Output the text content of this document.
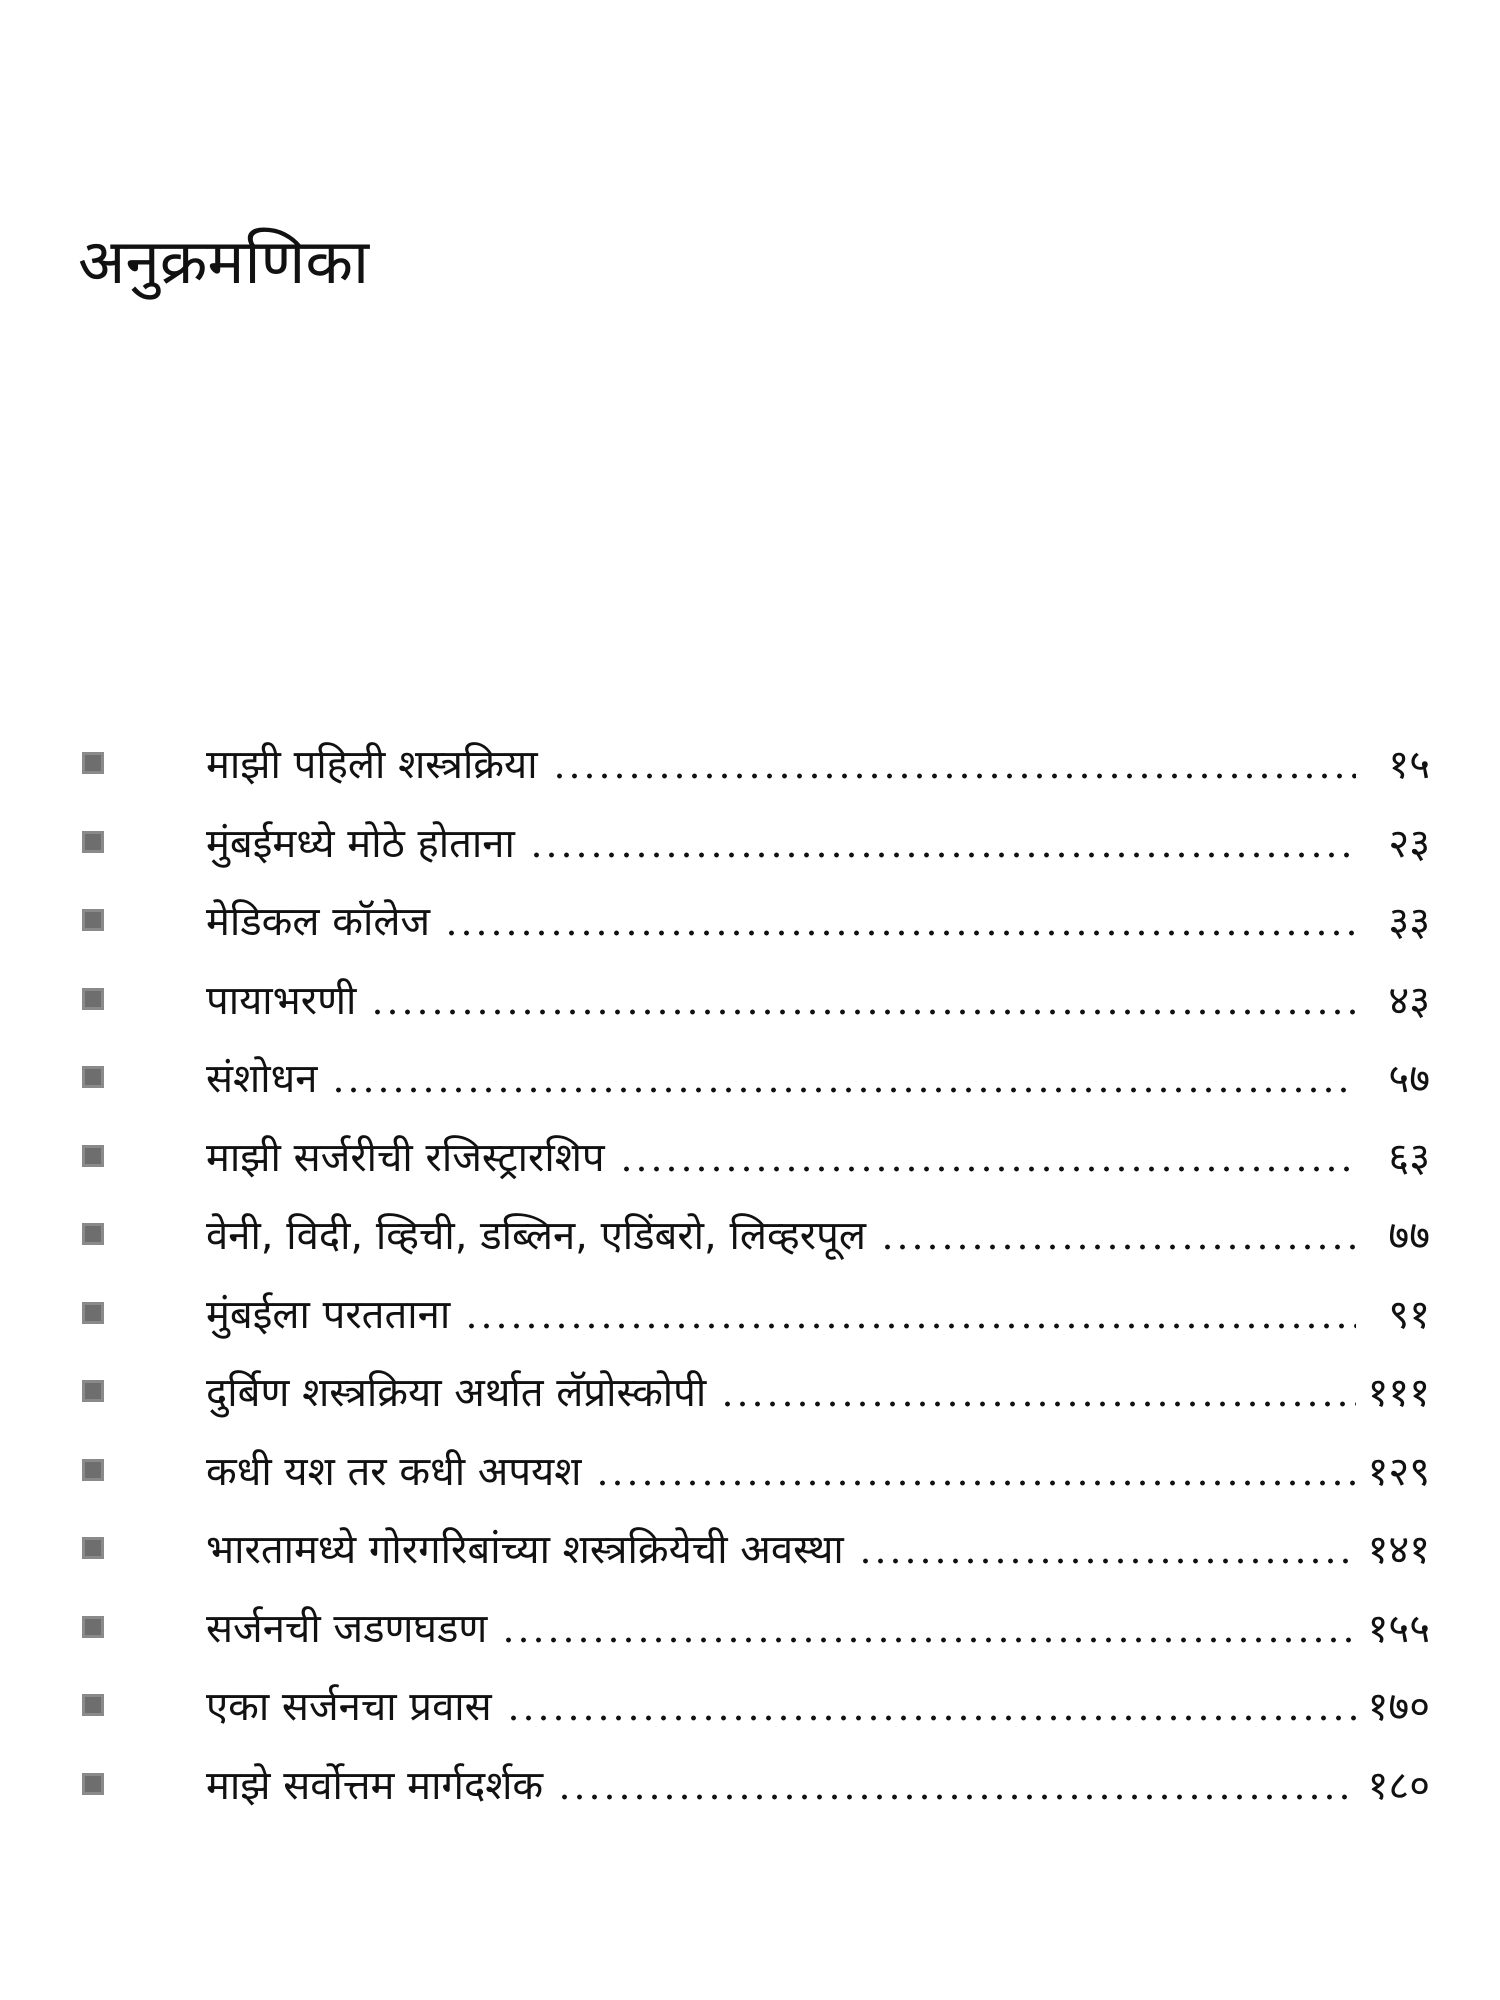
अनुक्रमणिका
माझी पहिली शस्त्रक्रिया	१५
मुंबईमध्ये मोठे होताना	२३
मेडिकल कॉलेज	३३
पायाभरणी	४३
संशोधन	५७
माझी सर्जरीची रजिस्ट्रारशिप	६३
वेनी, विदी, व्हिची, डब्लिन, एडिंबरो, लिव्हरपूल	७७
मुंबईला परतताना	९१
दुर्बिण शस्त्रक्रिया अर्थात लॅप्रोस्कोपी	१११
कधी यश तर कधी अपयश	१२९
भारतामध्ये गोरगरिबांच्या शस्त्रक्रियेची अवस्था	१४१
सर्जनची जडणघडण	१५५
एका सर्जनचा प्रवास	१७०
माझे सर्वोत्तम मार्गदर्शक	१८०
